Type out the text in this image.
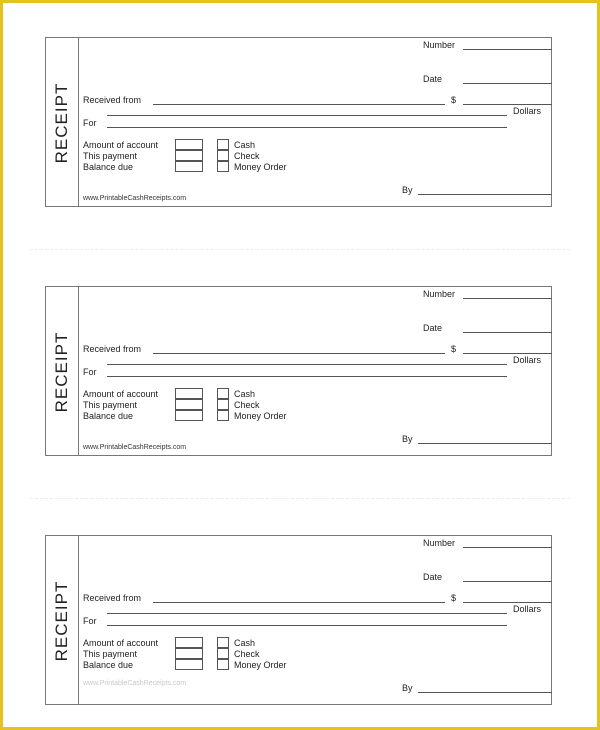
RECEIPT
Number
Date
Received from	$
Dollars
For
Amount of account
This payment
Balance due
Cash
Check
Money Order
By
www.PrintableCashReceipts.com
RECEIPT
Number
Date
Received from	$
Dollars
For
Amount of account
This payment
Balance due
Cash
Check
Money Order
By
www.PrintableCashReceipts.com
RECEIPT
Number
Date
Received from	$
Dollars
For
Amount of account
This payment
Balance due
Cash
Check
Money Order
By
www.PrintableCashReceipts.com
